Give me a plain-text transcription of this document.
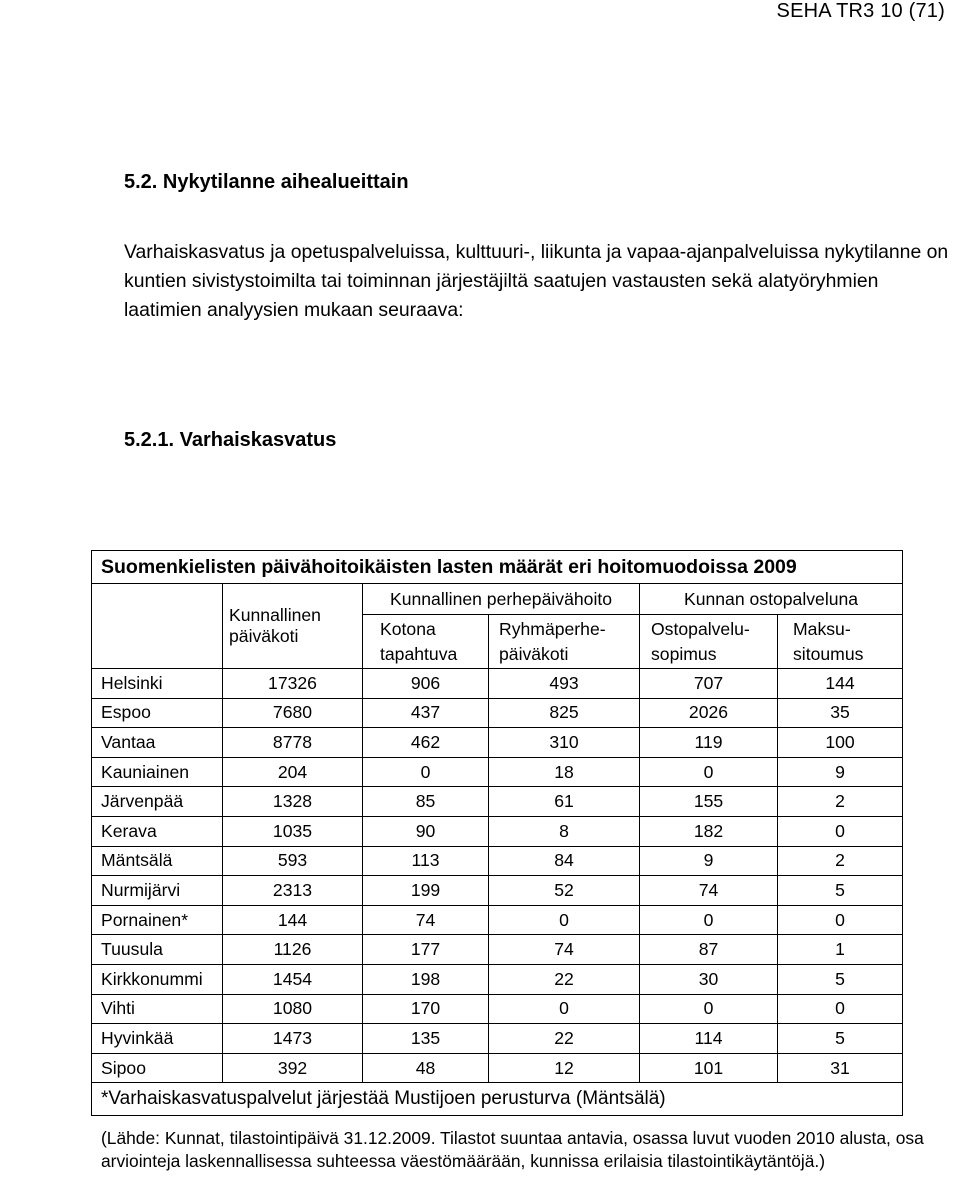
SEHA TR3 10 (71)
5.2. Nykytilanne aihealueittain
Varhaiskasvatus ja opetuspalveluissa, kulttuuri-, liikunta ja vapaa-ajanpalveluissa nykytilanne on kuntien sivistystoimilta tai toiminnan järjestäjiltä saatujen vastausten sekä alatyöryhmien laatimien analyysien mukaan seuraava:
5.2.1. Varhaiskasvatus
Suomenkielisten päivähoitoikäisten lasten määrät eri hoitomuodoissa 2009					
	Kunnallinen päiväkoti	Kunnallinen perhepäivähoito		Kunnan ostopalveluna	
		Kotona tapahtuva	Ryhmäperhe-päiväkoti	Ostopalvelu-sopimus	Maksu-sitoumus
Helsinki	17326	906	493	707	144
Espoo	7680	437	825	2026	35
Vantaa	8778	462	310	119	100
Kauniainen	204	0	18	0	9
Järvenpää	1328	85	61	155	2
Kerava	1035	90	8	182	0
Mäntsälä	593	113	84	9	2
Nurmijärvi	2313	199	52	74	5
Pornainen*	144	74	0	0	0
Tuusula	1126	177	74	87	1
Kirkkonummi	1454	198	22	30	5
Vihti	1080	170	0	0	0
Hyvinkää	1473	135	22	114	5
Sipoo	392	48	12	101	31
*Varhaiskasvatuspalvelut järjestää Mustijoen perusturva (Mäntsälä)					
(Lähde: Kunnat, tilastointipäivä 31.12.2009. Tilastot suuntaa antavia, osassa luvut vuoden 2010 alusta, osa arviointeja laskennallisessa suhteessa väestömäärään, kunnissa erilaisia tilastointikäytäntöjä.)
